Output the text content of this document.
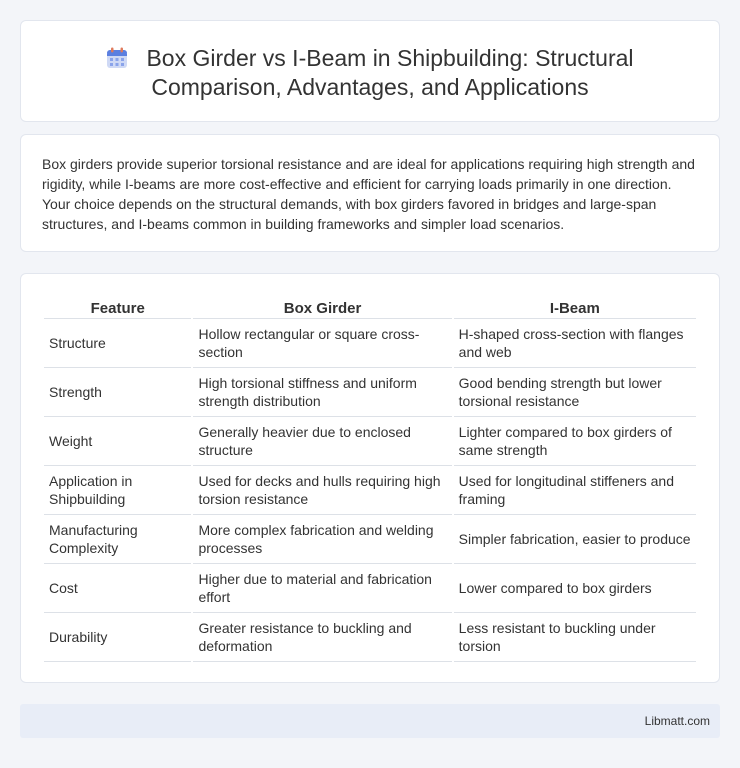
Box Girder vs I-Beam in Shipbuilding: Structural
Comparison, Advantages, and Applications

Box girders provide superior torsional resistance and are ideal for applications requiring high strength and rigidity, while I-beams are more cost-effective and efficient for carrying loads primarily in one direction. Your choice depends on the structural demands, with box girders favored in bridges and large-span structures, and I-beams common in building frameworks and simpler load scenarios.

Feature	Box Girder	I-Beam
Structure	Hollow rectangular or square cross-section	H-shaped cross-section with flanges and web
Strength	High torsional stiffness and uniform strength distribution	Good bending strength but lower torsional resistance
Weight	Generally heavier due to enclosed structure	Lighter compared to box girders of same strength
Application in Shipbuilding	Used for decks and hulls requiring high torsion resistance	Used for longitudinal stiffeners and framing
Manufacturing Complexity	More complex fabrication and welding processes	Simpler fabrication, easier to produce
Cost	Higher due to material and fabrication effort	Lower compared to box girders
Durability	Greater resistance to buckling and deformation	Less resistant to buckling under torsion
Libmatt.com
